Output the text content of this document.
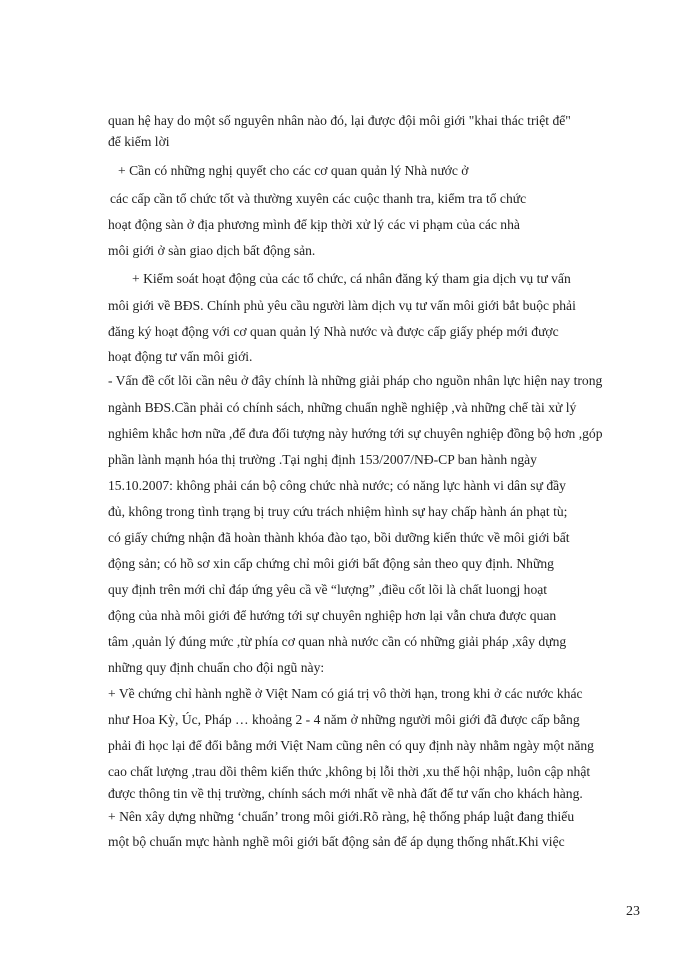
quan hệ hay do một số nguyên nhân nào đó, lại được đội môi giới "khai thác triệt để"
để kiếm lời
+ Cần có những nghị quyết cho các cơ quan quản lý Nhà nước ở
các cấp cần tổ chức tốt và thường xuyên các cuộc thanh tra, kiểm tra tổ chức
hoạt động sàn ở địa phương mình để kịp thời xử lý các vi phạm của các nhà
môi giới ở sàn giao dịch bất động sản.
+ Kiểm soát hoạt động của các tổ chức, cá nhân đăng ký tham gia dịch vụ tư vấn
môi giới về BĐS. Chính phủ yêu cầu người làm dịch vụ tư vấn môi giới bắt buộc phải
đăng ký hoạt động với cơ quan quản lý Nhà nước và được cấp giấy phép mới được
hoạt động tư vấn môi giới.
- Vấn đề cốt lõi cần nêu ở đây chính là những giải pháp cho nguồn nhân lực hiện nay trong
ngành BĐS.Cần phải có chính sách, những chuẩn nghề nghiệp ,và những chế tài xử lý
nghiêm khắc hơn nữa ,để đưa đối tượng này hướng tới sự chuyên nghiệp đồng bộ hơn ,góp
phần lành mạnh hóa thị trường .Tại nghị định 153/2007/NĐ-CP ban hành ngày
15.10.2007: không phải cán bộ công chức nhà nước; có năng lực hành vi dân sự đầy
đủ, không trong tình trạng bị truy cứu trách nhiệm hình sự hay chấp hành án phạt tù;
có giấy chứng nhận đã hoàn thành khóa đào tạo, bồi dưỡng kiến thức về môi giới bất
động sản; có hồ sơ xin cấp chứng chỉ môi giới bất động sản theo quy định. Những
quy định trên mới chỉ đáp ứng yêu cầ về “lượng” ,điều cốt lõi là chất luongj hoạt
động của nhà môi giới để hướng tới sự chuyên nghiệp hơn lại vẫn chưa được quan
tâm ,quản lý đúng mức ,từ phía cơ quan nhà nước cần có những giải pháp ,xây dựng
những quy định chuẩn cho đội ngũ này:
+ Về chứng chỉ hành nghề ở Việt Nam có giá trị vô thời hạn, trong khi ở các nước khác
như Hoa Kỳ, Úc, Pháp … khoảng 2 - 4 năm ở những người môi giới đã được cấp bằng
phải đi học lại để đổi bằng mới Việt Nam cũng nên có quy định này nhằm ngày một năng
cao chất lượng ,trau dồi thêm kiến thức ,không bị lỗi thời ,xu thế hội nhập, luôn cập nhật
được thông tin về thị trường, chính sách mới nhất về nhà đất để tư vấn cho khách hàng.
+ Nên xây dựng những ‘chuẩn’ trong môi giới.Rõ ràng, hệ thống pháp luật đang thiếu
một bộ chuẩn mực hành nghề môi giới bất động sản để áp dụng thống nhất.Khi việc
23
